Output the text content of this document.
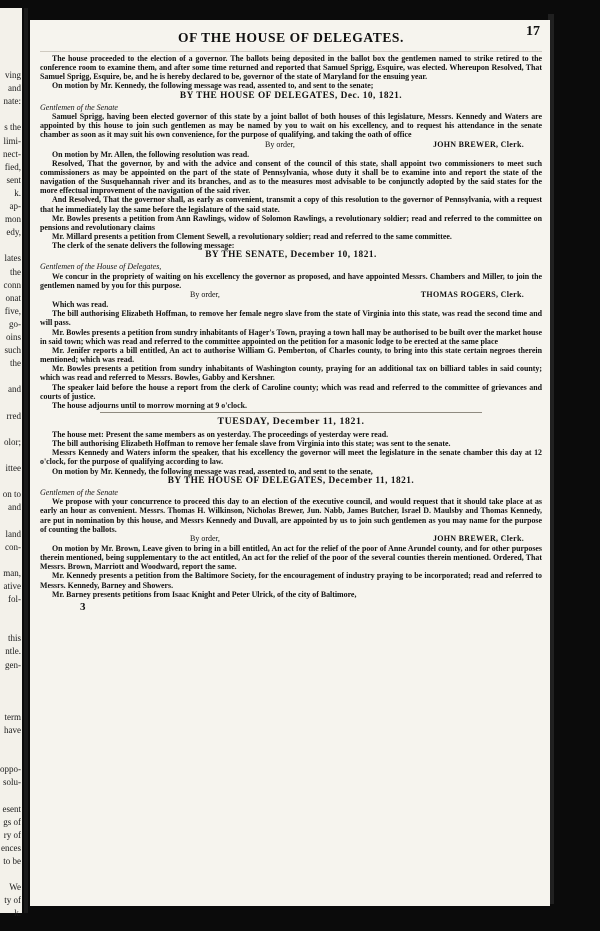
ving
and
nate:
s the
limi-
nect-
fied,
sent
k.
ap-
mon
edy,
lates
the
conn
onat
five,
go-
oins
such
the
and
rred
olor;
ittee
on to
and
land
con-
man,
ative
fol-
this
ntle.
gen-
term
have
oppo-
solu-
esent
gs of
ry of
ences
to be
We
ty of
k.
OF THE HOUSE OF DELEGATES.	17

The house proceeded to the election of a governor. The ballots being deposited in the ballot box the gentlemen named to strike retired to the conference room to examine them, and after some time returned and reported that Samuel Sprigg, Esquire, was elected. Whereupon Resolved, That Samuel Sprigg, Esquire, be, and he is hereby declared to be, governor of the state of Maryland for the ensuing year.

On motion by Mr. Kennedy, the following message was read, assented to, and sent to the senate;

BY THE HOUSE OF DELEGATES, Dec. 10, 1821.
Gentlemen of the Senate

Samuel Sprigg, having been elected governor of this state by a joint ballot of both houses of this legislature, Messrs. Kennedy and Waters are appointed by this house to join such gentlemen as may be named by you to wait on his excellency, and to request his attendance in the senate chamber as soon as it may suit his own convenience, for the purpose of qualifying, and taking the oath of office

By order,	JOHN BREWER, Clerk.

On motion by Mr. Allen, the following resolution was read.

Resolved, That the governor, by and with the advice and consent of the council of this state, shall appoint two commissioners to meet such commissioners as may be appointed on the part of the state of Pennsylvania, whose duty it shall be to examine into and report the state of the navigation of the Susquehannah river and its branches, and as to the measures most advisable to be conjunctly adopted by the said states for the more effectual improvement of the navigation of the said river.

And Resolved, That the governor shall, as early as convenient, transmit a copy of this resolution to the governor of Pennsylvania, with a request that he immediately lay the same before the legislature of the said state.

Mr. Bowles presents a petition from Ann Rawlings, widow of Solomon Rawlings, a revolutionary soldier; read and referred to the committee on pensions and revolutionary claims

Mr. Millard presents a petition from Clement Sewell, a revolutionary soldier; read and referred to the same committee.

The clerk of the senate delivers the following message:

BY THE SENATE, December 10, 1821.
Gentlemen of the House of Delegates,

We concur in the propriety of waiting on his excellency the governor as proposed, and have appointed Messrs. Chambers and Miller, to join the gentlemen named by you for this purpose.

By order,	THOMAS ROGERS, Clerk.

Which was read.

The bill authorising Elizabeth Hoffman, to remove her female negro slave from the state of Virginia into this state, was read the second time and will pass.

Mr. Bowles presents a petition from sundry inhabitants of Hager's Town, praying a town hall may be authorised to be built over the market house in said town; which was read and referred to the committee appointed on the petition for a masonic lodge to be erected at the same place

Mr. Jenifer reports a bill entitled, An act to authorise William G. Pemberton, of Charles county, to bring into this state certain negroes therein mentioned; which was read.

Mr. Bowles presents a petition from sundry inhabitants of Washington county, praying for an additional tax on billiard tables in said county; which was read and referred to Messrs. Bowles, Gabby and Kershner.

The speaker laid before the house a report from the clerk of Caroline county; which was read and referred to the committee of grievances and courts of justice.

The house adjourns until to morrow morning at 9 o'clock.

TUESDAY, December 11, 1821.

The house met: Present the same members as on yesterday. The proceedings of yesterday were read.

The bill authorising Elizabeth Hoffman to remove her female slave from Virginia into this state; was sent to the senate.

Messrs Kennedy and Waters inform the speaker, that his excellency the governor will meet the legislature in the senate chamber this day at 12 o'clock, for the purpose of qualifying according to law.

On motion by Mr. Kennedy, the following message was read, assented to, and sent to the senate,

BY THE HOUSE OF DELEGATES, December 11, 1821.
Gentlemen of the Senate

We propose with your concurrence to proceed this day to an election of the executive council, and would request that it should take place at as early an hour as convenient. Messrs. Thomas H. Wilkinson, Nicholas Brewer, Jun. Nabb, James Butcher, Israel D. Maulsby and Thomas Kennedy, are put in nomination by this house, and Messrs Kennedy and Duvall, are appointed by us to join such gentlemen as you may name for the purpose of counting the ballots.

By order,	JOHN BREWER, Clerk.

On motion by Mr. Brown, Leave given to bring in a bill entitled, An act for the relief of the poor of Anne Arundel county, and for other purposes therein mentioned, being supplementary to the act entitled, An act for the relief of the poor of the several counties therein mentioned. Ordered, That Messrs. Brown, Marriott and Woodward, report the same.

Mr. Kennedy presents a petition from the Baltimore Society, for the encouragement of industry praying to be incorporated; read and referred to Messrs. Kennedy, Barney and Showers.

Mr. Barney presents petitions from Isaac Knight and Peter Ulrick, of the city of Baltimore,

3
